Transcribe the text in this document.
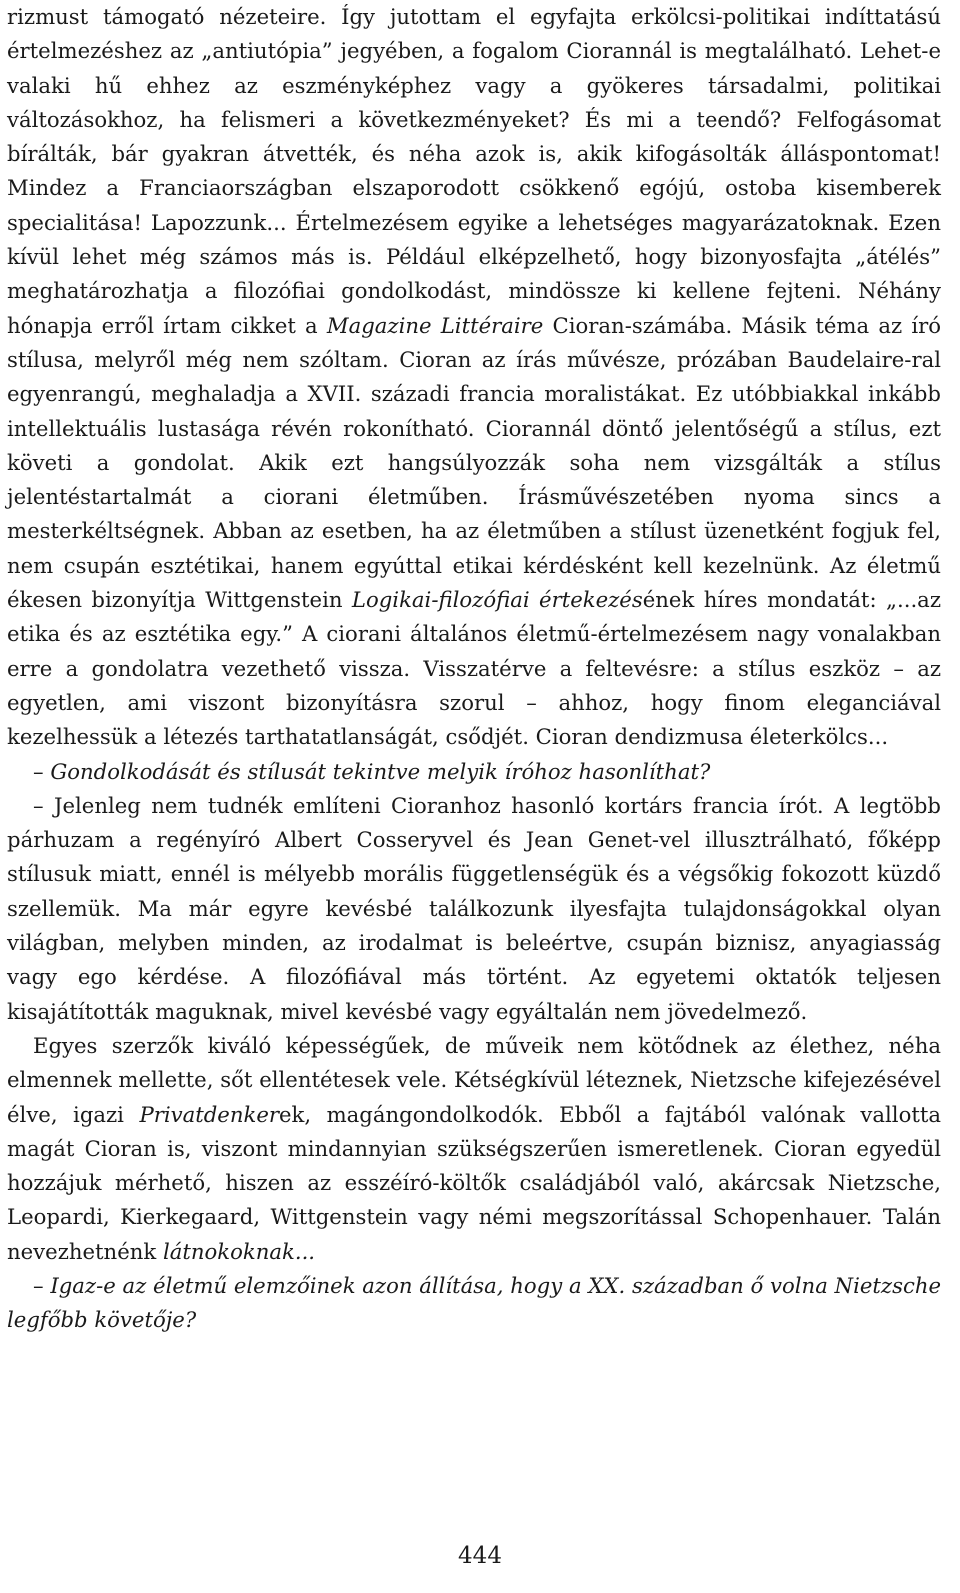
rizmust támogató nézeteire. Így jutottam el egyfajta erkölcsi-politikai indíttatású értelmezéshez az „antiutópia” jegyében, a fogalom Ciorannál is megtalálható. Lehet-e valaki hű ehhez az eszményképhez vagy a gyökeres társadalmi, politikai változásokhoz, ha felismeri a következményeket? És mi a teendő? Felfogásomat bírálták, bár gyakran átvették, és néha azok is, akik kifogásolták álláspontomat! Mindez a Franciaországban elszaporodott csökkenő egójú, ostoba kisemberek specialitása! Lapozzunk... Értelmezésem egyike a lehetséges magyarázatoknak. Ezen kívül lehet még számos más is. Például elképzelhető, hogy bizonyosfajta „átélés” meghatározhatja a filozófiai gondolkodást, mindössze ki kellene fejteni. Néhány hónapja erről írtam cikket a Magazine Littéraire Cioran-számába. Másik téma az író stílusa, melyről még nem szóltam. Cioran az írás művésze, prózában Baudelaire-ral egyenrangú, meghaladja a XVII. századi francia moralistákat. Ez utóbbiakkal inkább intellektuális lustasága révén rokonítható. Ciorannál döntő jelentőségű a stílus, ezt követi a gondolat. Akik ezt hangsúlyozzák soha nem vizsgálták a stílus jelentéstartalmát a ciorani életműben. Írásművészetében nyoma sincs a mesterkéltségnek. Abban az esetben, ha az életműben a stílust üzenetként fogjuk fel, nem csupán esztétikai, hanem egyúttal etikai kérdésként kell kezelnünk. Az életmű ékesen bizonyítja Wittgenstein Logikai-filozófiai értekezésének híres mondatát: „...az etika és az esztétika egy.” A ciorani általános életmű-értelmezésem nagy vonalakban erre a gondolatra vezethető vissza. Visszatérve a feltevésre: a stílus eszköz – az egyetlen, ami viszont bizonyításra szorul – ahhoz, hogy finom eleganciával kezelhessük a létezés tarthatatlanságát, csődjét. Cioran dendizmusa életerkölcs...

– Gondolkodását és stílusát tekintve melyik íróhoz hasonlíthat?

– Jelenleg nem tudnék említeni Cioranhoz hasonló kortárs francia írót. A legtöbb párhuzam a regényíró Albert Cosseryvel és Jean Genet-vel illusztrálható, főképp stílusuk miatt, ennél is mélyebb morális függetlenségük és a végsőkig fokozott küzdő szellemük. Ma már egyre kevésbé találkozunk ilyesfajta tulajdonságokkal olyan világban, melyben minden, az irodalmat is beleértve, csupán biznisz, anyagiasság vagy ego kérdése. A filozófiával más történt. Az egyetemi oktatók teljesen kisajátították maguknak, mivel kevésbé vagy egyáltalán nem jövedelmező.

Egyes szerzők kiváló képességűek, de műveik nem kötődnek az élethez, néha elmennek mellette, sőt ellentétesek vele. Kétségkívül léteznek, Nietzsche kifejezésével élve, igazi Privatdenkerek, magángondolkodók. Ebből a fajtából valónak vallotta magát Cioran is, viszont mindannyian szükségszerűen ismeretlenek. Cioran egyedül hozzájuk mérhető, hiszen az esszéíró-költők családjából való, akárcsak Nietzsche, Leopardi, Kierkegaard, Wittgenstein vagy némi megszorítással Schopenhauer. Talán nevezhetnénk látnokoknak...

– Igaz-e az életmű elemzőinek azon állítása, hogy a XX. században ő volna Nietzsche legfőbb követője?

444
